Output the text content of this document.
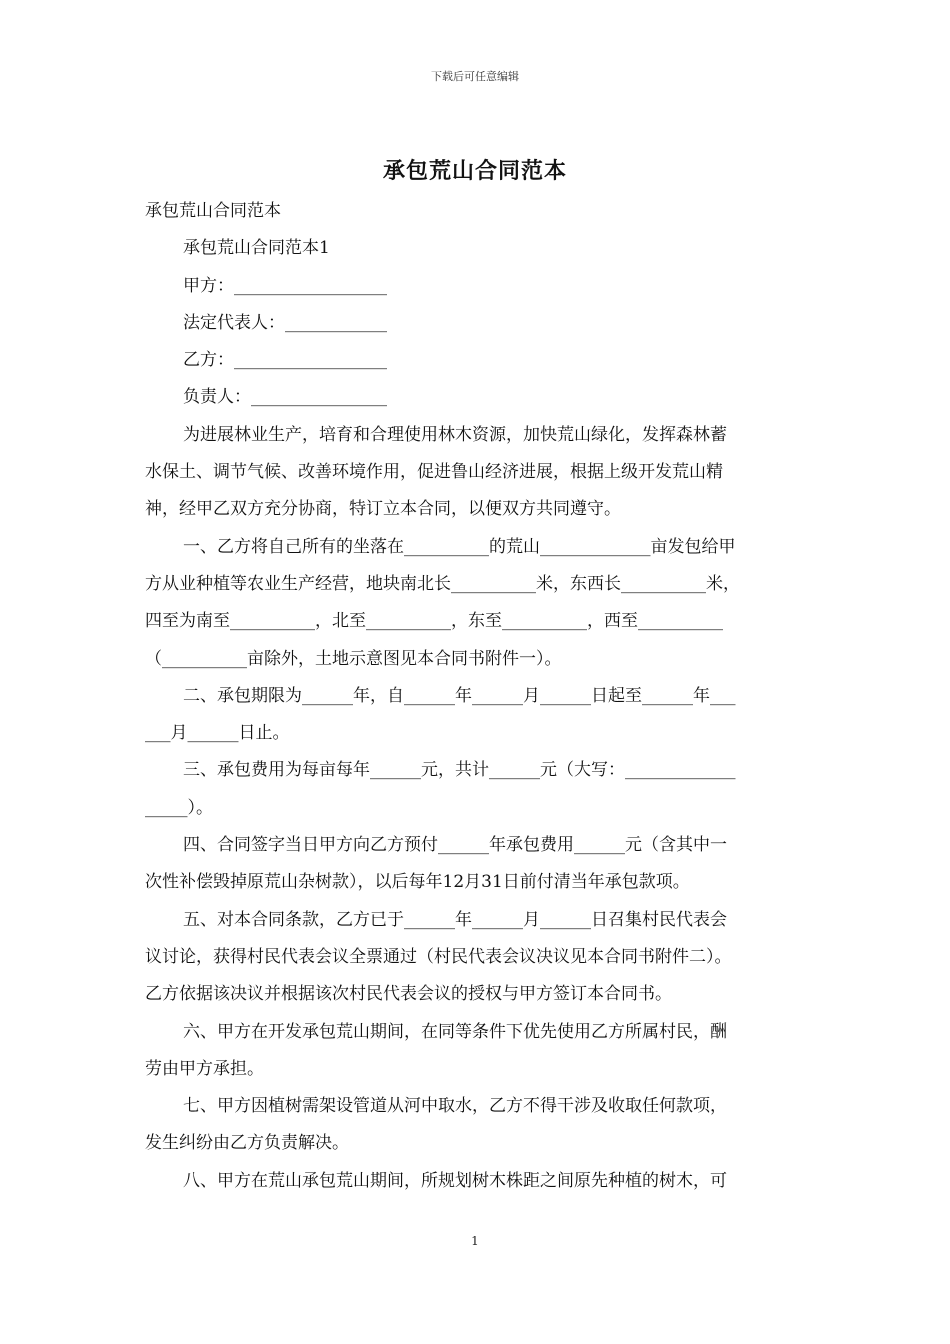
下载后可任意编辑
承包荒山合同范本
承包荒山合同范本
承包荒山合同范本1
甲方：__________________
法定代表人：____________
乙方：__________________
负责人：________________
为进展林业生产，培育和合理使用林木资源，加快荒山绿化，发挥森林蓄
水保土、调节气候、改善环境作用，促进鲁山经济进展，根据上级开发荒山精
神，经甲乙双方充分协商，特订立本合同，以便双方共同遵守。
一、乙方将自己所有的坐落在__________的荒山_____________亩发包给甲
方从业种植等农业生产经营，地块南北长__________米，东西长__________米，
四至为南至__________，北至__________，东至__________，西至__________
（__________亩除外，土地示意图见本合同书附件一）。
二、承包期限为______年，自______年______月______日起至______年___
___月______日止。
三、承包费用为每亩每年______元，共计______元（大写：_____________
_____）。
四、合同签字当日甲方向乙方预付______年承包费用______元（含其中一
次性补偿毁掉原荒山杂树款），以后每年12月31日前付清当年承包款项。
五、对本合同条款，乙方已于______年______月______日召集村民代表会
议讨论，获得村民代表会议全票通过（村民代表会议决议见本合同书附件二）。
乙方依据该决议并根据该次村民代表会议的授权与甲方签订本合同书。
六、甲方在开发承包荒山期间，在同等条件下优先使用乙方所属村民，酬
劳由甲方承担。
七、甲方因植树需架设管道从河中取水，乙方不得干涉及收取任何款项，
发生纠纷由乙方负责解决。
八、甲方在荒山承包荒山期间，所规划树木株距之间原先种植的树木，可
1
